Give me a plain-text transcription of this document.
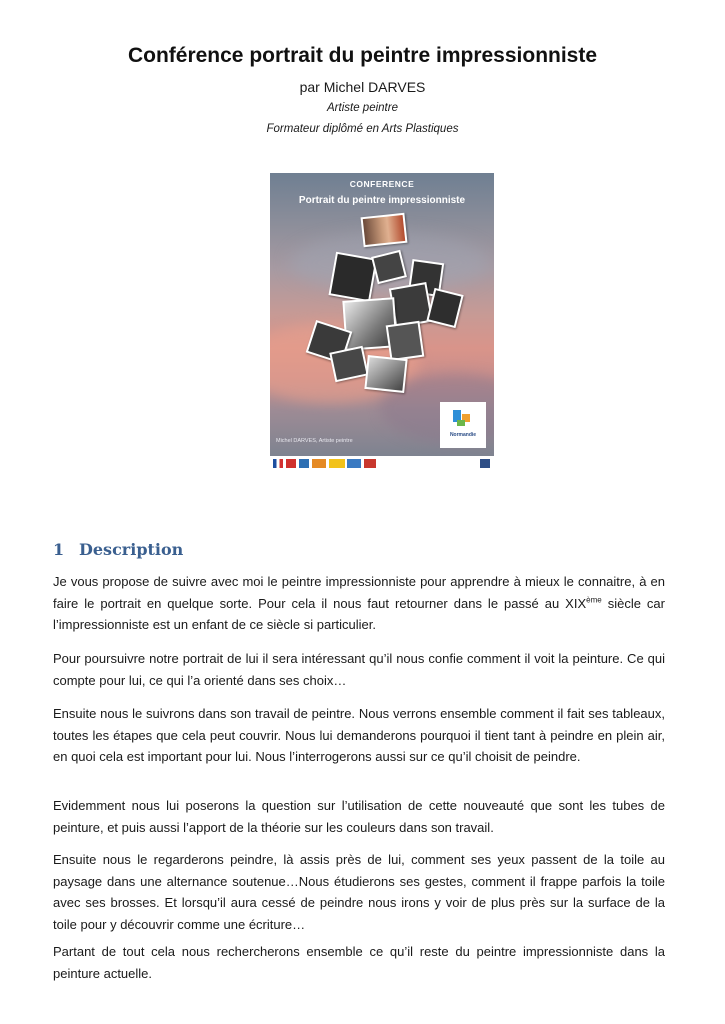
Conférence portrait du peintre impressionniste
par Michel DARVES
Artiste peintre
Formateur diplômé en Arts Plastiques
CONFERENCE
Portrait du peintre impressionniste
Michel DARVES, Artiste peintre
Normandie
1 Description

Je vous propose de suivre avec moi le peintre impressionniste pour apprendre à mieux le connaitre, à en faire le portrait en quelque sorte. Pour cela il nous faut retourner dans le passé au XIXème siècle car l’impressionniste est un enfant de ce siècle si particulier.

Pour poursuivre notre portrait de lui il sera intéressant qu’il nous confie comment il voit la peinture. Ce qui compte pour lui, ce qui l’a orienté dans ses choix…

Ensuite nous le suivrons dans son travail de peintre. Nous verrons ensemble comment il fait ses tableaux, toutes les étapes que cela peut couvrir. Nous lui demanderons pourquoi il tient tant à peindre en plein air, en quoi cela est important pour lui. Nous l’interrogerons aussi sur ce qu’il choisit de peindre.

Evidemment nous lui poserons la question sur l’utilisation de cette nouveauté que sont les tubes de peinture, et puis aussi l’apport de la théorie sur les couleurs dans son travail.

Ensuite nous le regarderons peindre, là assis près de lui, comment ses yeux passent de la toile au paysage dans une alternance soutenue…Nous étudierons ses gestes, comment il frappe parfois la toile avec ses brosses. Et lorsqu’il aura cessé de peindre nous irons y voir de plus près sur la surface de la toile pour y découvrir comme une écriture…

Partant de tout cela nous rechercherons ensemble ce qu’il reste du peintre impressionniste dans la peinture actuelle.
